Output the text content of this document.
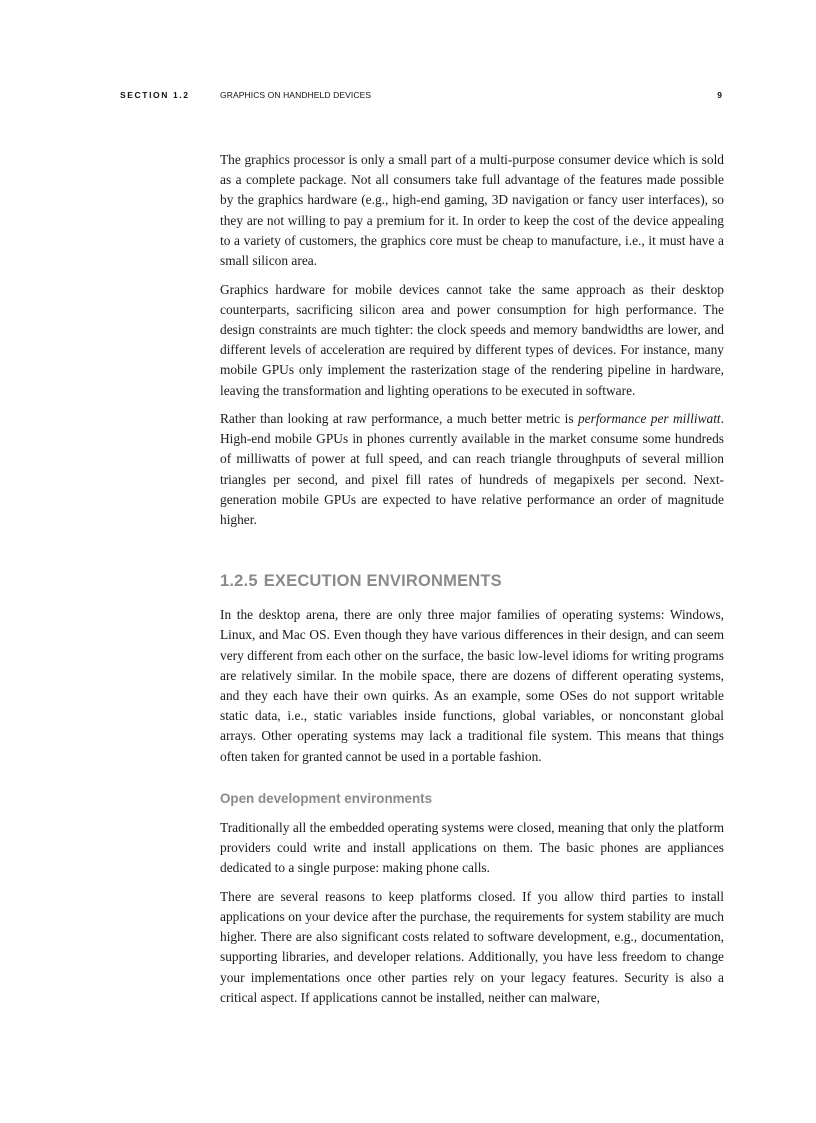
SECTION 1.2	GRAPHICS ON HANDHELD DEVICES	9

The graphics processor is only a small part of a multi-purpose consumer device which is sold as a complete package. Not all consumers take full advantage of the features made possible by the graphics hardware (e.g., high-end gaming, 3D navigation or fancy user interfaces), so they are not willing to pay a premium for it. In order to keep the cost of the device appealing to a variety of customers, the graphics core must be cheap to manufacture, i.e., it must have a small silicon area.

Graphics hardware for mobile devices cannot take the same approach as their desktop counterparts, sacrificing silicon area and power consumption for high performance. The design constraints are much tighter: the clock speeds and memory bandwidths are lower, and different levels of acceleration are required by different types of devices. For instance, many mobile GPUs only implement the rasterization stage of the rendering pipeline in hardware, leaving the transformation and lighting operations to be executed in software.

Rather than looking at raw performance, a much better metric is performance per milliwatt. High-end mobile GPUs in phones currently available in the market consume some hundreds of milliwatts of power at full speed, and can reach triangle throughputs of several million triangles per second, and pixel fill rates of hundreds of megapixels per second. Next-generation mobile GPUs are expected to have relative performance an order of magnitude higher.

1.2.5 EXECUTION ENVIRONMENTS

In the desktop arena, there are only three major families of operating systems: Windows, Linux, and Mac OS. Even though they have various differences in their design, and can seem very different from each other on the surface, the basic low-level idioms for writing programs are relatively similar. In the mobile space, there are dozens of different operating systems, and they each have their own quirks. As an example, some OSes do not support writable static data, i.e., static variables inside functions, global variables, or nonconstant global arrays. Other operating systems may lack a traditional file system. This means that things often taken for granted cannot be used in a portable fashion.

Open development environments

Traditionally all the embedded operating systems were closed, meaning that only the platform providers could write and install applications on them. The basic phones are appliances dedicated to a single purpose: making phone calls.

There are several reasons to keep platforms closed. If you allow third parties to install applications on your device after the purchase, the requirements for system stability are much higher. There are also significant costs related to software development, e.g., documentation, supporting libraries, and developer relations. Additionally, you have less freedom to change your implementations once other parties rely on your legacy features. Security is also a critical aspect. If applications cannot be installed, neither can malware,
